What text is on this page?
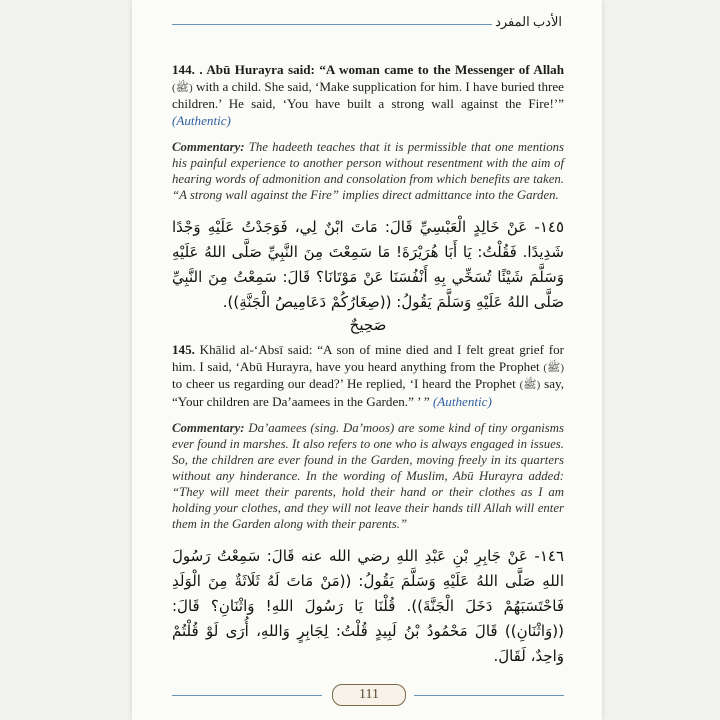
الأدب المفرد

144. . Abū Hurayra said: “A woman came to the Messenger of Allah (ﷺ) with a child. She said, ‘Make supplication for him. I have buried three children.’ He said, ‘You have built a strong wall against the Fire!’” (Authentic)

Commentary: The hadeeth teaches that it is permissible that one mentions his painful experience to another person without resentment with the aim of hearing words of admonition and consolation from which benefits are taken. “A strong wall against the Fire” implies direct admittance into the Garden.

١٤٥- عَنْ خَالِدٍ الْعَبْسِيِّ قَالَ: مَاتَ ابْنٌ لِي، فَوَجَدْتُ عَلَيْهِ وَجْدًا شَدِيدًا. فَقُلْتُ: يَا أَبَا هُرَيْرَةَ! مَا سَمِعْتَ مِنَ النَّبِيِّ صَلَّى اللهُ عَلَيْهِ وَسَلَّمَ شَيْئًا تُسَخِّي بِهِ أَنْفُسَنَا عَنْ مَوْتَانَا؟ قَالَ: سَمِعْتُ مِنَ النَّبِيِّ صَلَّى اللهُ عَلَيْهِ وَسَلَّمَ يَقُولُ: ((صِغَارُكُمْ دَعَامِيصُ الْجَنَّةِ)).

صَحِيحٌ

145. Khālid al-‘Absī said: “A son of mine died and I felt great grief for him. I said, ‘Abū Hurayra, have you heard anything from the Prophet (ﷺ) to cheer us regarding our dead?’ He replied, ‘I heard the Prophet (ﷺ) say, “Your children are Da’aamees in the Garden.” ’ ” (Authentic)

Commentary: Da’aamees (sing. Da’moos) are some kind of tiny organisms ever found in marshes. It also refers to one who is always engaged in issues. So, the children are ever found in the Garden, moving freely in its quarters without any hinderance. In the wording of Muslim, Abū Hurayra added: “They will meet their parents, hold their hand or their clothes as I am holding your clothes, and they will not leave their hands till Allah will enter them in the Garden along with their parents.”

١٤٦- عَنْ جَابِرِ بْنِ عَبْدِ اللهِ رضي الله عنه قَالَ: سَمِعْتُ رَسُولَ اللهِ صَلَّى اللهُ عَلَيْهِ وَسَلَّمَ يَقُولُ: ((مَنْ مَاتَ لَهُ ثَلَاثَةٌ مِنَ الْوَلَدِ فَاحْتَسَبَهُمْ دَخَلَ الْجَنَّةَ)). قُلْنَا يَا رَسُولَ اللهِ! وَاثْنَانِ؟ قَالَ: ((وَاثْنَانِ)) قَالَ مَحْمُودُ بْنُ لَبِيدٍ قُلْتُ: لِجَابِرٍ وَاللهِ، أُرَى لَوْ قُلْتُمْ وَاحِدٌ، لَقَالَ.

111
